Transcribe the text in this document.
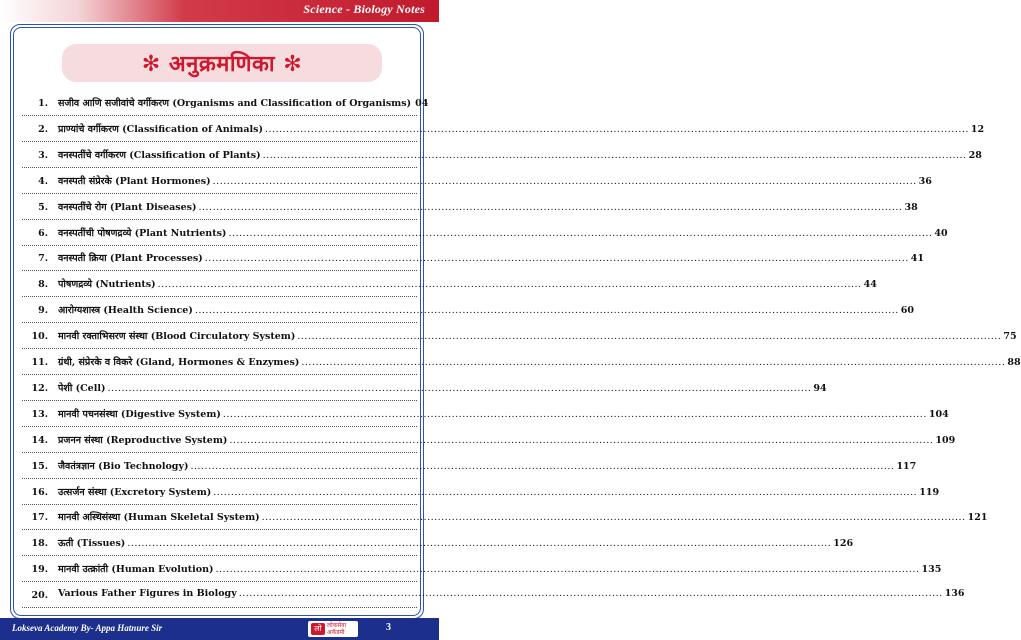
Science - Biology Notes
✻ अनुक्रमणिका ✻
1. सजीव आणि सजीवांचे वर्गीकरण (Organisms and Classification of Organisms) 04
2. प्राण्यांचे वर्गीकरण (Classification of Animals) ........................................................................................................................................................................................................ 12
3. वनस्पतींचे वर्गीकरण (Classification of Plants) ........................................................................................................................................................................................................ 28
4. वनस्पती संप्रेरके (Plant Hormones) ........................................................................................................................................................................................................ 36
5. वनस्पतींचे रोग (Plant Diseases) ........................................................................................................................................................................................................ 38
6. वनस्पतींची पोषणद्रव्ये (Plant Nutrients) ........................................................................................................................................................................................................ 40
7. वनस्पती क्रिया (Plant Processes) ........................................................................................................................................................................................................ 41
8. पोषणद्रव्ये (Nutrients) ........................................................................................................................................................................................................ 44
9. आरोग्यशास्त्र (Health Science) ........................................................................................................................................................................................................ 60
10. मानवी रक्ताभिसरण संस्था (Blood Circulatory System) ........................................................................................................................................................................................................ 75
11. ग्रंथी, संप्रेरके व विकरे (Gland, Hormones & Enzymes) ........................................................................................................................................................................................................ 88
12. पेशी (Cell) ........................................................................................................................................................................................................ 94
13. मानवी पचनसंस्था (Digestive System) ........................................................................................................................................................................................................ 104
14. प्रजनन संस्था (Reproductive System) ........................................................................................................................................................................................................ 109
15. जैवतंत्रज्ञान (Bio Technology) ........................................................................................................................................................................................................ 117
16. उत्सर्जन संस्था (Excretory System) ........................................................................................................................................................................................................ 119
17. मानवी अस्थिसंस्था (Human Skeletal System) ........................................................................................................................................................................................................ 121
18. ऊती (Tissues) ........................................................................................................................................................................................................ 126
19. मानवी उत्क्रांती (Human Evolution) ........................................................................................................................................................................................................ 135
20. Various Father Figures in Biology ........................................................................................................................................................................................................ 136
Lokseva Academy By- Appa Hatnure Sir	लो लोकसेवा अकॅडमी	3
